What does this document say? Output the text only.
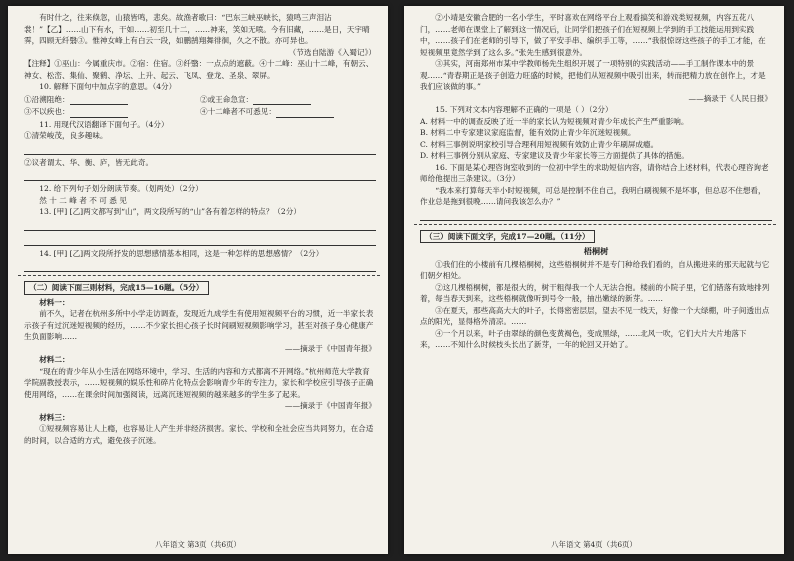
有时什之，往来倏忽，山猿皆鸣，悲矣。故渔者歌曰：“巴东三峡巫峡长，猿鸣三声泪沾裳！”【乙】……山下有水，干如……初至几十二，……神来，笑如无喷。今有旧藏，……是日，天宇晴霁，四顾无纤翳③。惟神女峰上有白云一段，如鹏鹄翔舞徘徊，久之不散。亦可异也。

（节选自陆游《入蜀记》）

【注释】①巫山：今属重庆市。②宿：住宿。③纤翳：一点点的遮蔽。④十二峰：巫山十二峰，有朝云、神女、松峦、集仙、聚鹤、净坛、上升、起云、飞凤、登龙、圣泉、翠屏。

10. 解释下面句中加点字的意思。（4分）

①沿溯阻绝：	②或王命急宣：
③不以疾也：	④十二峰者不可悉见：

11. 用现代汉语翻译下面句子。（4分）

①清荣峻茂，良多趣味。

②议者谓太、华、衡、庐，皆无此奇。

12. 给下列句子划分朗读节奏。（划两处）（2分）

然 十 二 峰 者 不 可 悉 见

13. [甲] [乙]两文都写到“山”，两文段所写的“山”各有着怎样的特点？（2分）

14. [甲] [乙]两文段所抒发的思想感情基本相同，这是一种怎样的思想感情？（2分）

（二）阅读下面三则材料，完成15—16题。（5分）

材料一：

前不久，记者在杭州多所中小学走访调查，发现近九成学生有使用短视频平台的习惯，近一半家长表示孩子有过沉迷短视频的经历，……不少家长担心孩子长时间刷短视频影响学习，甚至对孩子身心健康产生负面影响……

——摘录于《中国青年报》

材料二：

“现在的青少年从小生活在网络环境中，学习、生活的内容和方式都离不开网络。”杭州师范大学教育学院副教授表示，……短视频的娱乐性和碎片化特点会影响青少年的专注力，家长和学校应引导孩子正确使用网络，……在课余时间加强阅读，远离沉迷短视频的越来越多的学生多了起来。

——摘录于《中国青年报》

材料三：

①短视频容易让人上瘾，也容易让人产生并非经济损害。家长、学校和全社会应当共同努力，在合适的时间，以合适的方式，避免孩子沉迷。

八年语文 第3页（共6页）

②小靖是安徽合肥的一名小学生，平时喜欢在网络平台上观看搞笑和游戏类短视频，内容五花八门，……老师在课堂上了解到这一情况后，让同学们把孩子们在短视频上学到的手工技能运用到实践中，……孩子们在老师的引导下，做了平安手串、编织手工等，……“我很惊讶这些孩子的手工才能，在短视频里竟然学到了这么多。”张先生感到很意外。

③其实，河南郑州市某中学教师杨先生组织开展了一项特别的实践活动——手工制作课本中的景观……“青春期正是孩子创造力旺盛的时候，把他们从短视频中吸引出来，转而把精力放在创作上，才是我们应该做的事。”

——摘录于《人民日报》

15. 下列对文本内容理解不正确的一项是（ ）（2分）

A. 材料一中的调查反映了近一半的家长认为短视频对青少年成长产生严重影响。

B. 材料二中专家建议家庭监督，能有效防止青少年沉迷短视频。

C. 材料三事例说明家校引导合理利用短视频有效防止青少年刷屏成瘾。

D. 材料三事例分别从家庭、专家建议及青少年家长等三方面提供了具体的措施。

16. 下面是某心理咨询室收到的一位初中学生的求助短信内容，请你结合上述材料，代表心理咨询老师给他提出三条建议。（3分）

“我本来打算每天半小时短视频，可总是控制不住自己，我明白刷视频不是坏事，但总忍不住想看，作业总是拖到很晚……请问我该怎么办？”

（三）阅读下面文字，完成17—20题。（11分）
梧桐树

①我们住的小楼前有几棵梧桐树，这些梧桐树并不是专门种给我们看的，自从搬进来的那天起就与它们朝夕相处。

②这几棵梧桐树，都是很大的，树干粗得我一个人无法合抱。楼前的小院子里，它们错落有致地排列着，每当春天到来，这些梧桐就像听到号令一般，抽出嫩绿的新芽。……

③在夏天，那些高高大大的叶子，长得密密层层，望去不见一线天，好像一个大绿棚，叶子间透出点点的阳光，显得格外清凉。……

④一个月以来，叶子由翠绿的颜色变黄褐色，变成黑绿，……北风一吹，它们大片大片地落下来，……不知什么时候枝头长出了新芽，一年的轮回又开始了。

八年语文 第4页（共6页）
